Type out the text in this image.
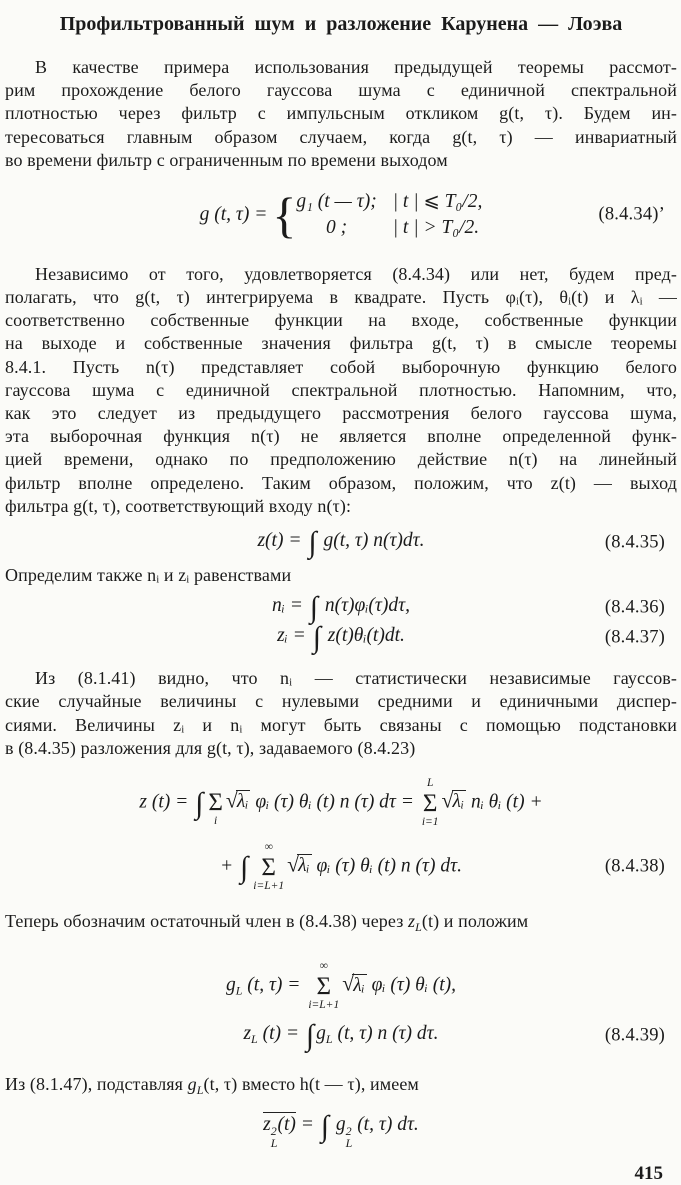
Профильтрованный шум и разложение Карунена — Лоэва
В качестве примера использования предыдущей теоремы рассмот-
рим прохождение белого гауссова шума с единичной спектральной
плотностью через фильтр с импульсным откликом g(t, τ). Будем ин-
тересоваться главным образом случаем, когда g(t, τ) — инвариатный
во времени фильтр с ограниченным по времени выходом
g (t, τ) = { g₁ (t — τ); | t | ⩽ T₀/2,
0 ;	| t | > T₀/2.
(8.4.34)’
Независимо от того, удовлетворяется (8.4.34) или нет, будем пред-
полагать, что g(t, τ) интегрируема в квадрате. Пусть φᵢ(τ), θᵢ(t) и λᵢ —
соответственно собственные функции на входе, собственные функции
на выходе и собственные значения фильтра g(t, τ) в смысле теоремы
8.4.1. Пусть n(τ) представляет собой выборочную функцию белого
гауссова шума с единичной спектральной плотностью. Напомним, что,
как это следует из предыдущего рассмотрения белого гауссова шума,
эта выборочная функция n(τ) не является вполне определенной функ-
цией времени, однако по предположению действие n(τ) на линейный
фильтр вполне определено. Таким образом, положим, что z(t) — выход
фильтра g(t, τ), соответствующий входу n(τ):
z(t) = ∫ g(t, τ) n(τ)dτ.	(8.4.35)
Определим также nᵢ и zᵢ равенствами
nᵢ = ∫ n(τ)φᵢ(τ)dτ,	(8.4.36)
zᵢ = ∫ z(t)θᵢ(t)dt.	(8.4.37)
Из (8.1.41) видно, что nᵢ — статистически независимые гауссов-
ские случайные величины с нулевыми средними и единичными диспер-
сиями. Величины zᵢ и nᵢ могут быть связаны с помощью подстановки
в (8.4.35) разложения для g(t, τ), задаваемого (8.4.23)
z (t) = ∫ Σ
i
√λᵢ φᵢ (τ) θᵢ (t) n (τ) dτ =
L
Σ
i=1
√λᵢ nᵢ θᵢ (t) +
+ ∫
∞
Σ
i=L+1
√λᵢ φᵢ (τ) θᵢ (t) n (τ) dτ.	(8.4.38)
Теперь обозначим остаточный член в (8.4.38) через $z_L(t)$ и положим
$g_L$ (t, τ) =
∞
Σ
i=L+1
√λᵢ φᵢ (τ) θᵢ (t),
$z_L$ (t) = ∫ $g_L$ (t, τ) n (τ) dτ.	(8.4.39)
Из (8.1.47), подставляя $g_L(t$, τ) вместо h(t — τ), имеем
z 2
L
(t) = ∫ g 2
L
(t, τ) dτ.
415
